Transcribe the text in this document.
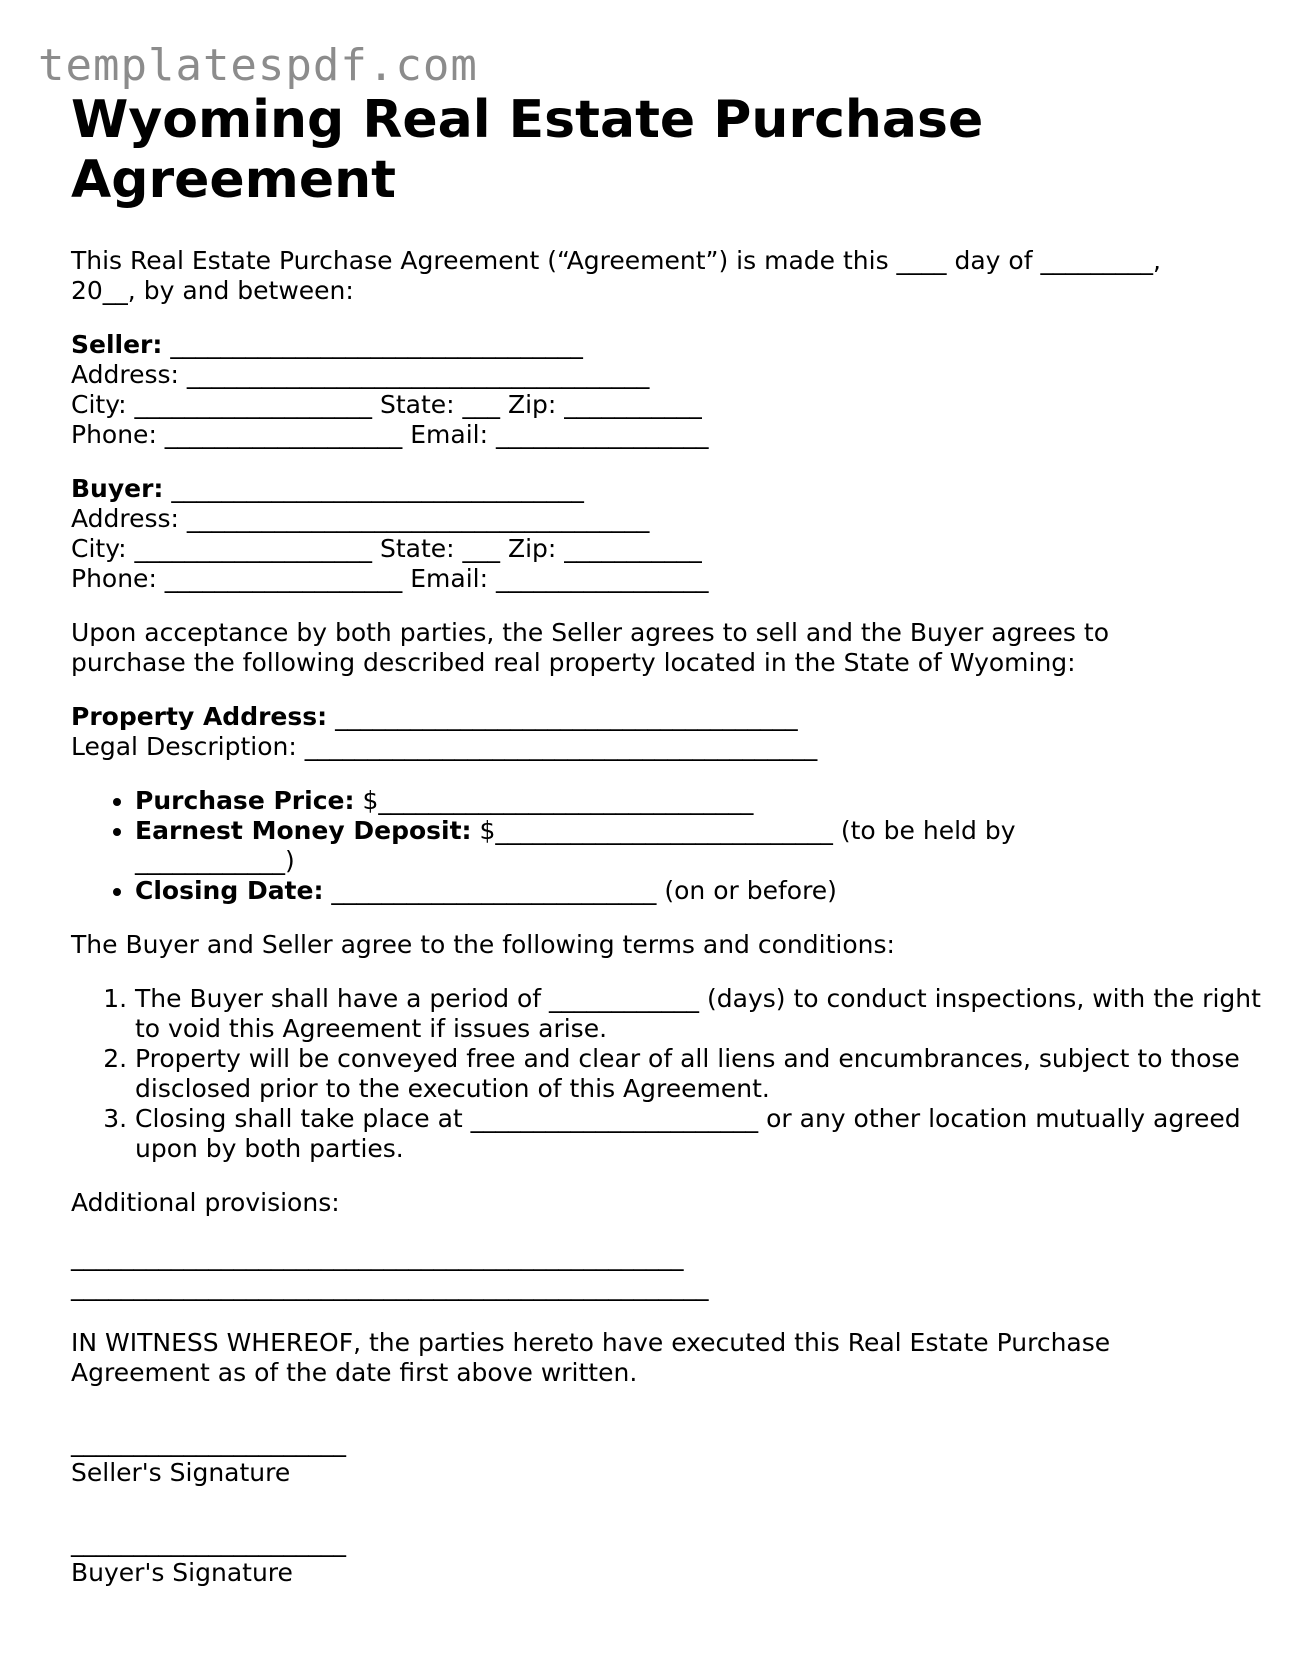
templatespdf.com
Wyoming Real Estate Purchase Agreement

This Real Estate Purchase Agreement (“Agreement”) is made this ____ day of _________, 20__, by and between:

Seller: _________________________________
Address: _____________________________________
City: ___________________ State: ___ Zip: ___________
Phone: ___________________ Email: _________________
Buyer: _________________________________
Address: _____________________________________
City: ___________________ State: ___ Zip: ___________
Phone: ___________________ Email: _________________

Upon acceptance by both parties, the Seller agrees to sell and the Buyer agrees to purchase the following described real property located in the State of Wyoming:

Property Address: _____________________________________
Legal Description: _________________________________________
• Purchase Price: $______________________________
• Earnest Money Deposit: $___________________________ (to be held by ____________)
• Closing Date: __________________________ (on or before)

The Buyer and Seller agree to the following terms and conditions:

1. The Buyer shall have a period of ____________ (days) to conduct inspections, with the right to void this Agreement if issues arise.
2. Property will be conveyed free and clear of all liens and encumbrances, subject to those disclosed prior to the execution of this Agreement.
3. Closing shall take place at _______________________ or any other location mutually agreed upon by both parties.

Additional provisions:

_________________________________________________
___________________________________________________

IN WITNESS WHEREOF, the parties hereto have executed this Real Estate Purchase Agreement as of the date first above written.

______________________
Seller's Signature
______________________
Buyer's Signature
